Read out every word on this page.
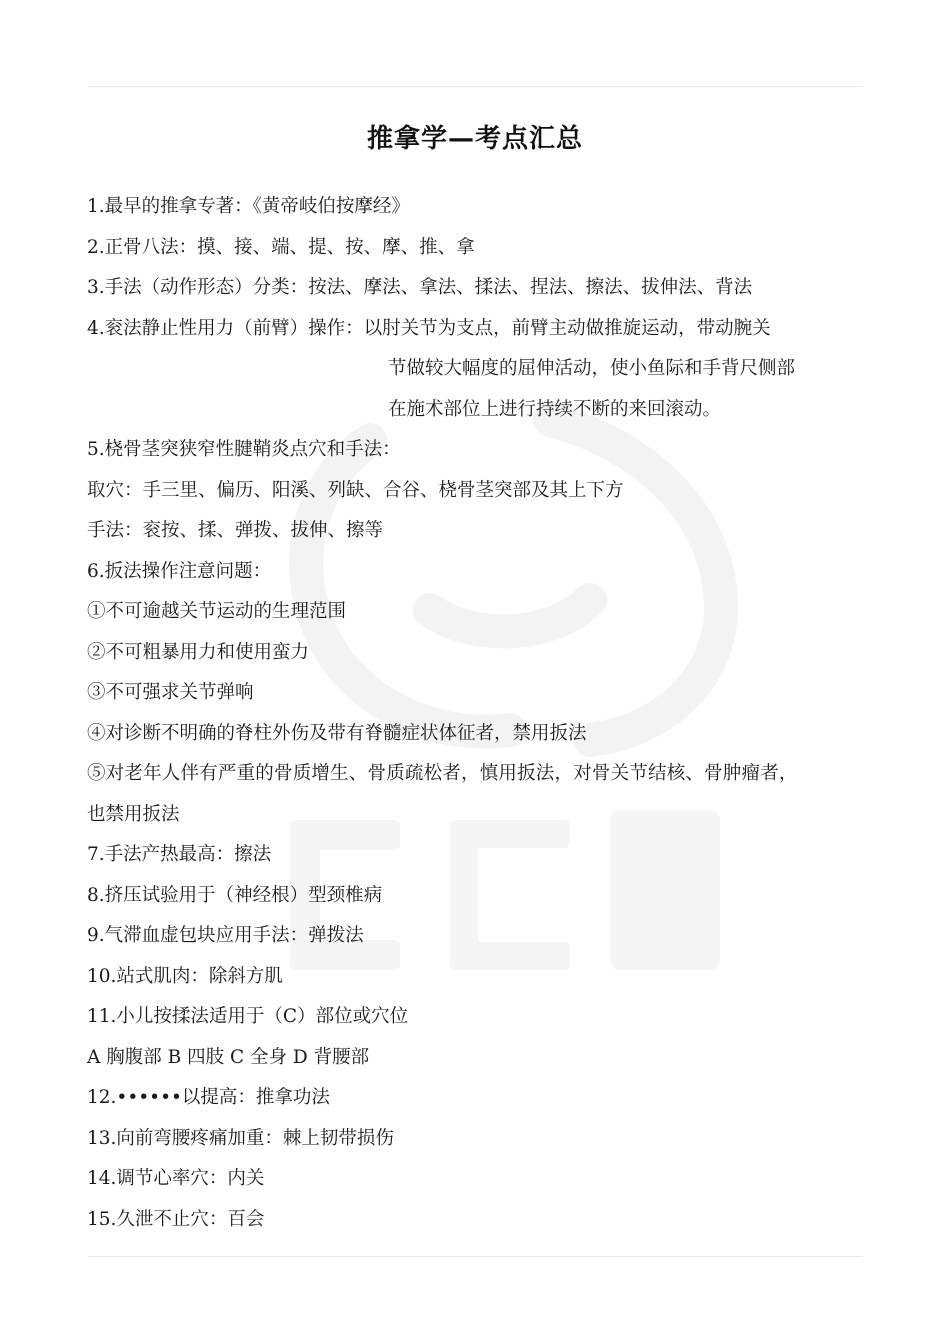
推拿学—考点汇总
1.最早的推拿专著：《黄帝岐伯按摩经》
2.正骨八法：摸、接、端、提、按、摩、推、拿
3.手法（动作形态）分类：按法、摩法、拿法、揉法、捏法、擦法、拔伸法、背法
4.衮法静止性用力（前臂）操作：以肘关节为支点，前臂主动做推旋运动，带动腕关
节做较大幅度的屈伸活动，使小鱼际和手背尺侧部
在施术部位上进行持续不断的来回滚动。
5.桡骨茎突狭窄性腱鞘炎点穴和手法：
取穴：手三里、偏历、阳溪、列缺、合谷、桡骨茎突部及其上下方
手法：衮按、揉、弹拨、拔伸、擦等
6.扳法操作注意问题：
①不可逾越关节运动的生理范围
②不可粗暴用力和使用蛮力
③不可强求关节弹响
④对诊断不明确的脊柱外伤及带有脊髓症状体征者，禁用扳法
⑤对老年人伴有严重的骨质增生、骨质疏松者，慎用扳法，对骨关节结核、骨肿瘤者，
也禁用扳法
7.手法产热最高：擦法
8.挤压试验用于（神经根）型颈椎病
9.气滞血虚包块应用手法：弹拨法
10.站式肌肉：除斜方肌
11.小儿按揉法适用于（C）部位或穴位
A 胸腹部 B 四肢 C 全身 D 背腰部
12.••••••以提高：推拿功法
13.向前弯腰疼痛加重：棘上韧带损伤
14.调节心率穴：内关
15.久泄不止穴：百会
